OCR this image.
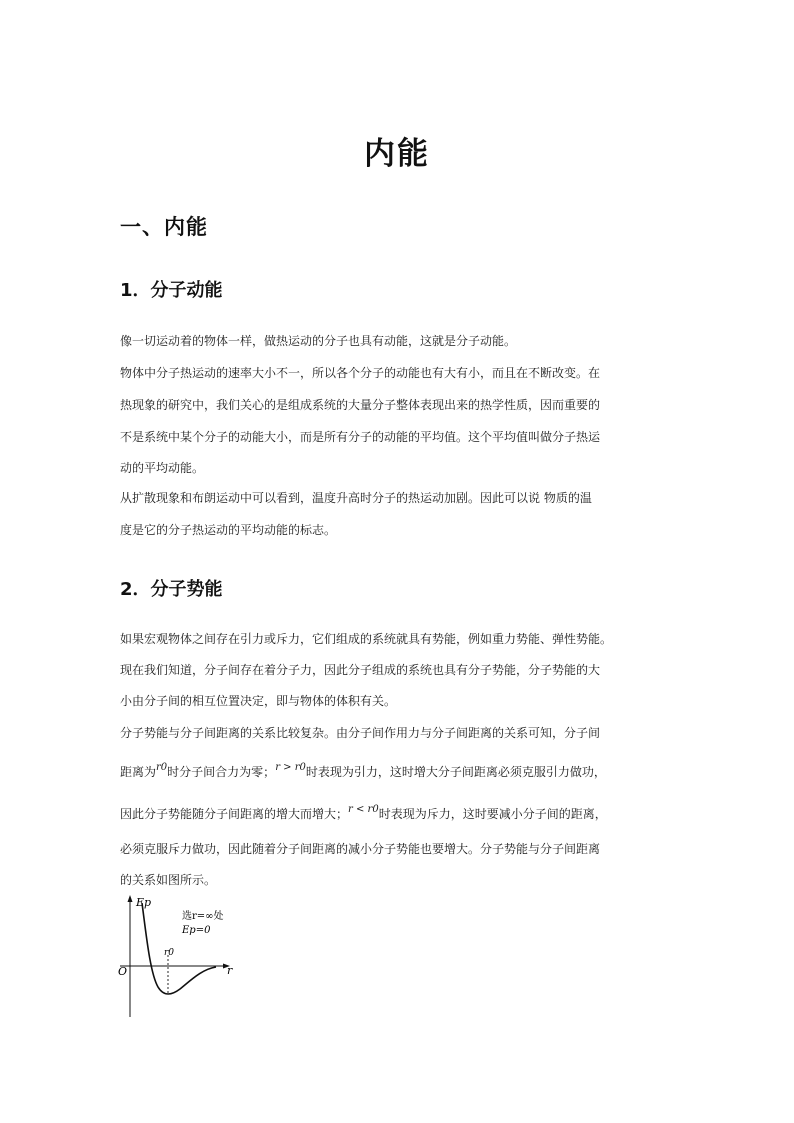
内能
一、内能
1．分子动能
像一切运动着的物体一样，做热运动的分子也具有动能，这就是分子动能。
物体中分子热运动的速率大小不一，所以各个分子的动能也有大有小，而且在不断改变。在
热现象的研究中，我们关心的是组成系统的大量分子整体表现出来的热学性质，因而重要的
不是系统中某个分子的动能大小，而是所有分子的动能的平均值。这个平均值叫做分子热运
动的平均动能。
从扩散现象和布朗运动中可以看到，温度升高时分子的热运动加剧。因此可以说 物质的温
度是它的分子热运动的平均动能的标志。
2．分子势能
如果宏观物体之间存在引力或斥力，它们组成的系统就具有势能，例如重力势能、弹性势能。
现在我们知道，分子间存在着分子力，因此分子组成的系统也具有分子势能，分子势能的大
小由分子间的相互位置决定，即与物体的体积有关。
分子势能与分子间距离的关系比较复杂。由分子间作用力与分子间距离的关系可知，分子间
距离为$^{r0}$时分子间合力为零；$^{r > r0}$时表现为引力，这时增大分子间距离必须克服引力做功，
因此分子势能随分子间距离的增大而增大；$^{r < r0}$时表现为斥力，这时要减小分子间的距离，
必须克服斥力做功，因此随着分子间距离的减小分子势能也要增大。分子势能与分子间距离
的关系如图所示。
Ep
r
O
r0
选r=∞处
Ep=0
